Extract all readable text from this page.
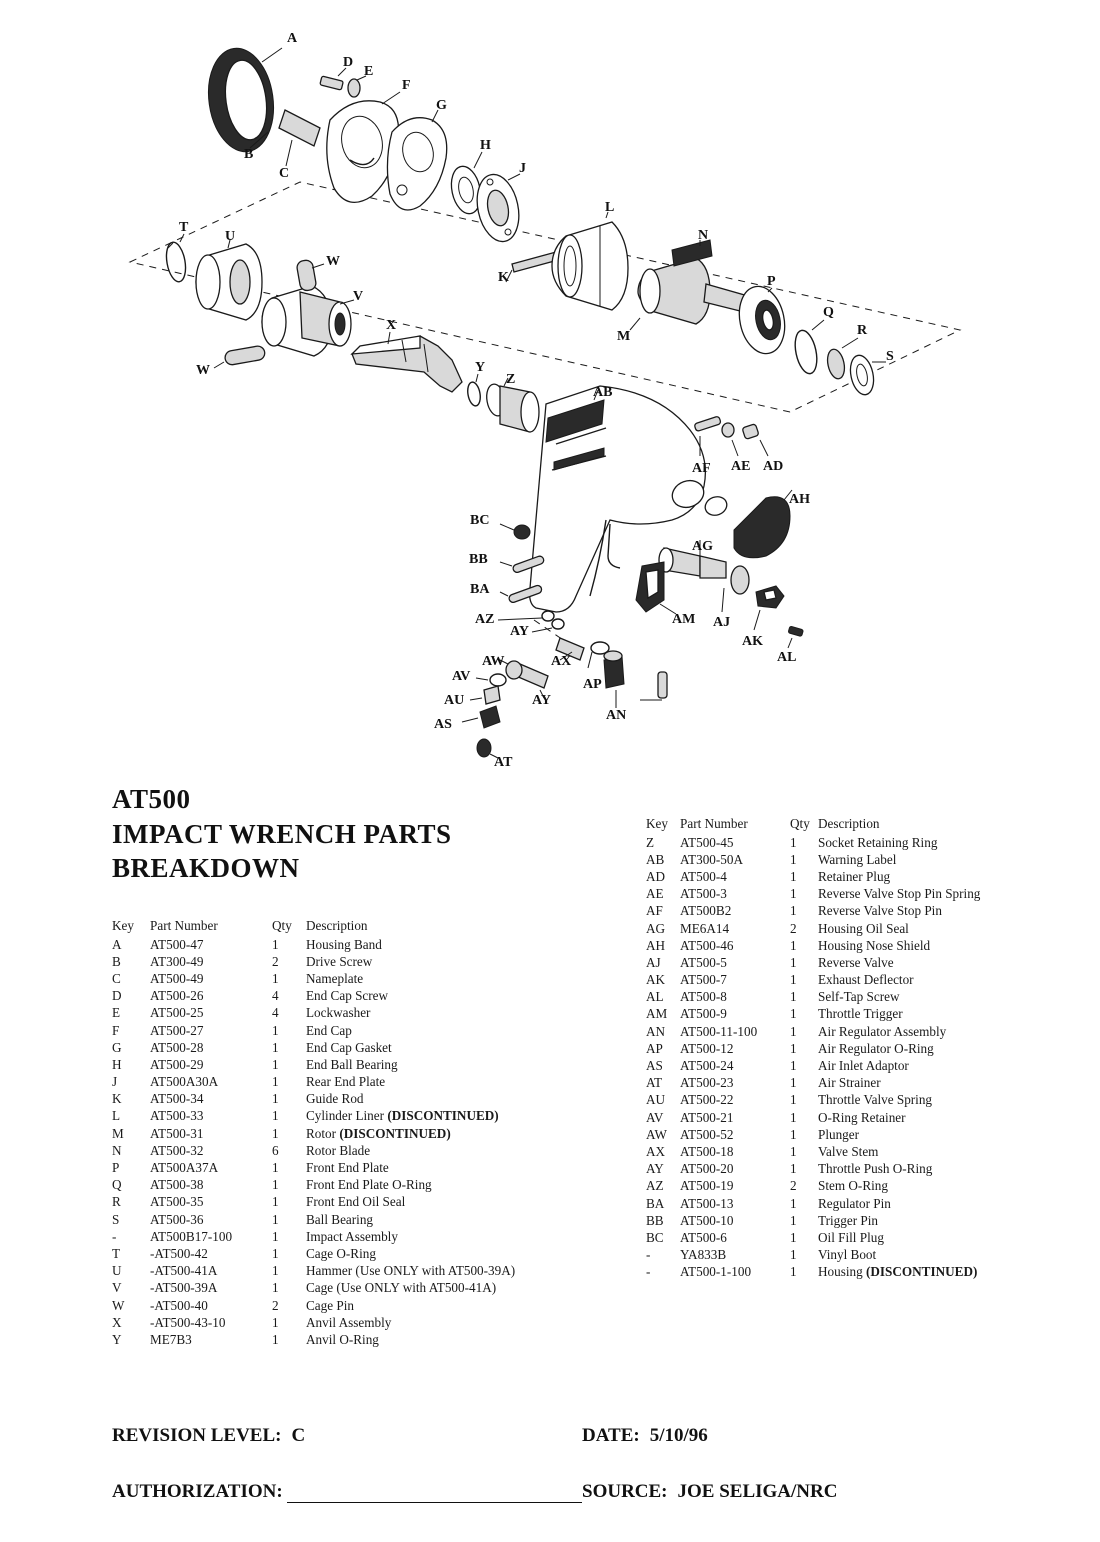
A
B
C
D
E
F
G
H
J
K
L
M
N
P
Q
R
S
T
U
V
W
W
X
Y
Z
AB
AD
AE
AF
AG
AH
AJ
AK
AL
AM
AN
AP
AS
AT
AU
AV
AW	AX
AY
AY
AZ
BA
BB
BC
AT500
IMPACT WRENCH PARTS
BREAKDOWN
Key	Part Number	Qty	Description
A	AT500-47	1	Housing Band
B	AT300-49	2	Drive Screw
C	AT500-49	1	Nameplate
D	AT500-26	4	End Cap Screw
E	AT500-25	4	Lockwasher
F	AT500-27	1	End Cap
G	AT500-28	1	End Cap Gasket
H	AT500-29	1	End Ball Bearing
J	AT500A30A	1	Rear End Plate
K	AT500-34	1	Guide Rod
L	AT500-33	1	Cylinder Liner (DISCONTINUED)
M	AT500-31	1	Rotor (DISCONTINUED)
N	AT500-32	6	Rotor Blade
P	AT500A37A	1	Front End Plate
Q	AT500-38	1	Front End Plate O-Ring
R	AT500-35	1	Front End Oil Seal
S	AT500-36	1	Ball Bearing
-	AT500B17-100	1	Impact Assembly
T	-AT500-42	1	Cage O-Ring
U	-AT500-41A	1	Hammer (Use ONLY with AT500-39A)
V	-AT500-39A	1	Cage (Use ONLY with AT500-41A)
W	-AT500-40	2	Cage Pin
X	-AT500-43-10	1	Anvil Assembly
Y	ME7B3	1	Anvil O-Ring
Key	Part Number	Qty	Description
Z	AT500-45	1	Socket Retaining Ring
AB	AT300-50A	1	Warning Label
AD	AT500-4	1	Retainer Plug
AE	AT500-3	1	Reverse Valve Stop Pin Spring
AF	AT500B2	1	Reverse Valve Stop Pin
AG	ME6A14	2	Housing Oil Seal
AH	AT500-46	1	Housing Nose Shield
AJ	AT500-5	1	Reverse Valve
AK	AT500-7	1	Exhaust Deflector
AL	AT500-8	1	Self-Tap Screw
AM	AT500-9	1	Throttle Trigger
AN	AT500-11-100	1	Air Regulator Assembly
AP	AT500-12	1	Air Regulator O-Ring
AS	AT500-24	1	Air Inlet Adaptor
AT	AT500-23	1	Air Strainer
AU	AT500-22	1	Throttle Valve Spring
AV	AT500-21	1	O-Ring Retainer
AW	AT500-52	1	Plunger
AX	AT500-18	1	Valve Stem
AY	AT500-20	1	Throttle Push O-Ring
AZ	AT500-19	2	Stem O-Ring
BA	AT500-13	1	Regulator Pin
BB	AT500-10	1	Trigger Pin
BC	AT500-6	1	Oil Fill Plug
-	YA833B	1	Vinyl Boot
-	AT500-1-100	1	Housing (DISCONTINUED)
REVISION LEVEL: C	DATE: 5/10/96
AUTHORIZATION:	SOURCE: JOE SELIGA/NRC
